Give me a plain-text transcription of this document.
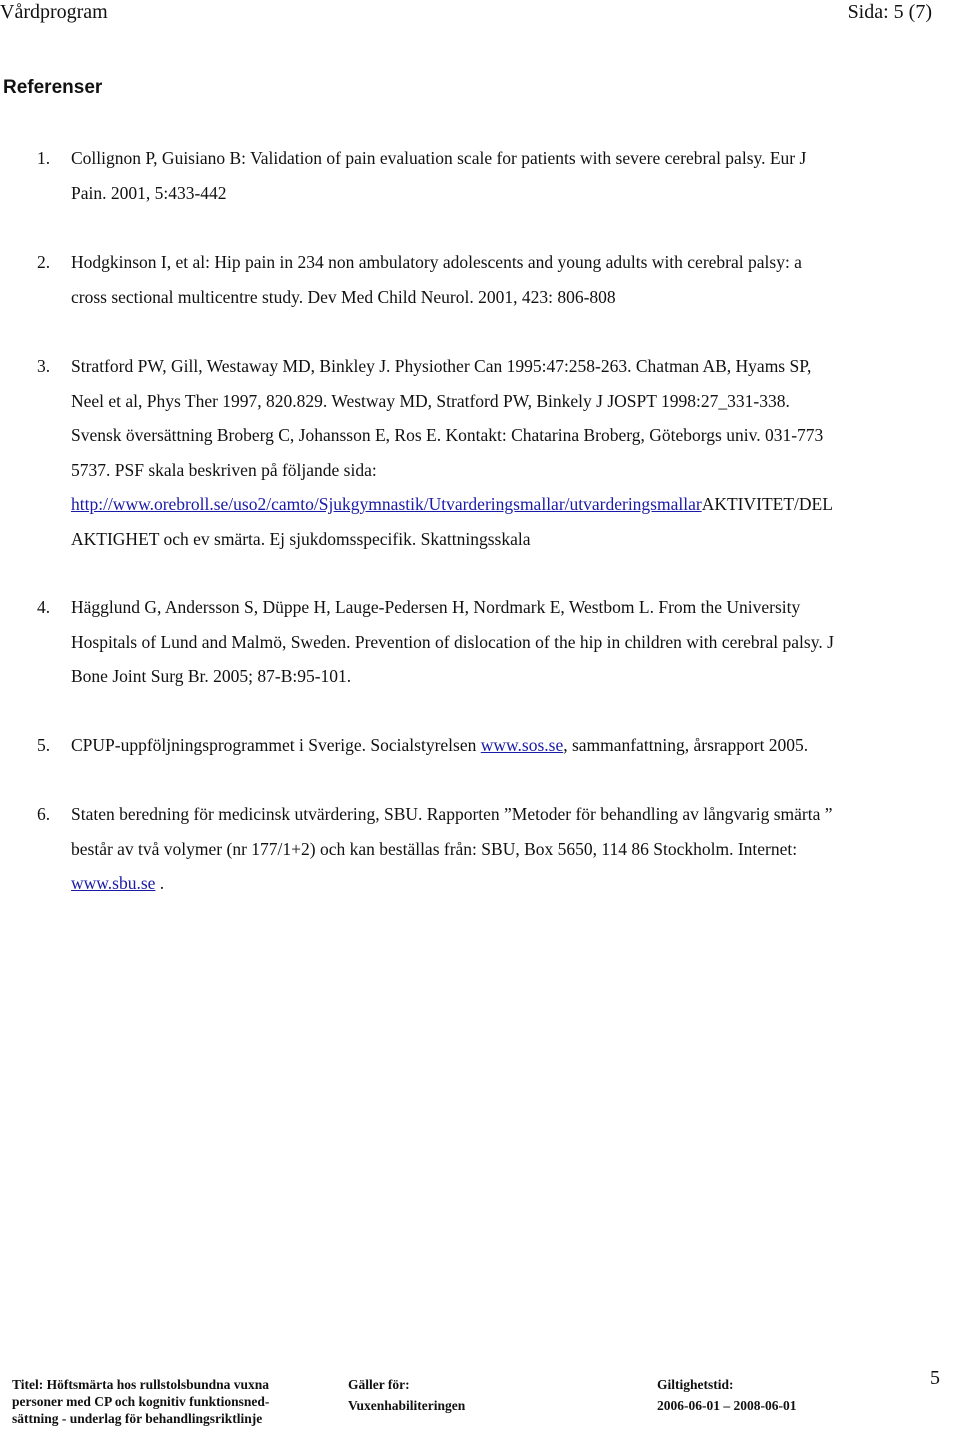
Vårdprogram	Sida: 5 (7)
Referenser
1. Collignon P, Guisiano B: Validation of pain evaluation scale for patients with severe cerebral palsy. Eur J
Pain. 2001, 5:433-442
2. Hodgkinson I, et al: Hip pain in 234 non ambulatory adolescents and young adults with cerebral palsy: a
cross sectional multicentre study. Dev Med Child Neurol. 2001, 423: 806-808
3. Stratford PW, Gill, Westaway MD, Binkley J. Physiother Can 1995:47:258-263. Chatman AB, Hyams SP,
Neel et al, Phys Ther 1997, 820.829. Westway MD, Stratford PW, Binkely J JOSPT 1998:27_331-338.
Svensk översättning Broberg C, Johansson E, Ros E. Kontakt: Chatarina Broberg, Göteborgs univ. 031-773
5737. PSF skala beskriven på följande sida:
http://www.orebroll.se/uso2/camto/Sjukgymnastik/Utvarderingsmallar/utvarderingsmallarAKTIVITET/DEL
AKTIGHET och ev smärta. Ej sjukdomsspecifik. Skattningsskala
4. Hägglund G, Andersson S, Düppe H, Lauge-Pedersen H, Nordmark E, Westbom L. From the University
Hospitals of Lund and Malmö, Sweden. Prevention of dislocation of the hip in children with cerebral palsy. J
Bone Joint Surg Br. 2005; 87-B:95-101.
5. CPUP-uppföljningsprogrammet i Sverige. Socialstyrelsen www.sos.se, sammanfattning, årsrapport 2005.
6. Staten beredning för medicinsk utvärdering, SBU. Rapporten ”Metoder för behandling av långvarig smärta ”
består av två volymer (nr 177/1+2) och kan beställas från: SBU, Box 5650, 114 86 Stockholm. Internet:
www.sbu.se .
Titel: Höftsmärta hos rullstolsbundna vuxna
personer med CP och kognitiv funktionsned-
sättning - underlag för behandlingsriktlinje
Gäller för:
Vuxenhabiliteringen
Giltighetstid:
2006-06-01 – 2008-06-01
5
